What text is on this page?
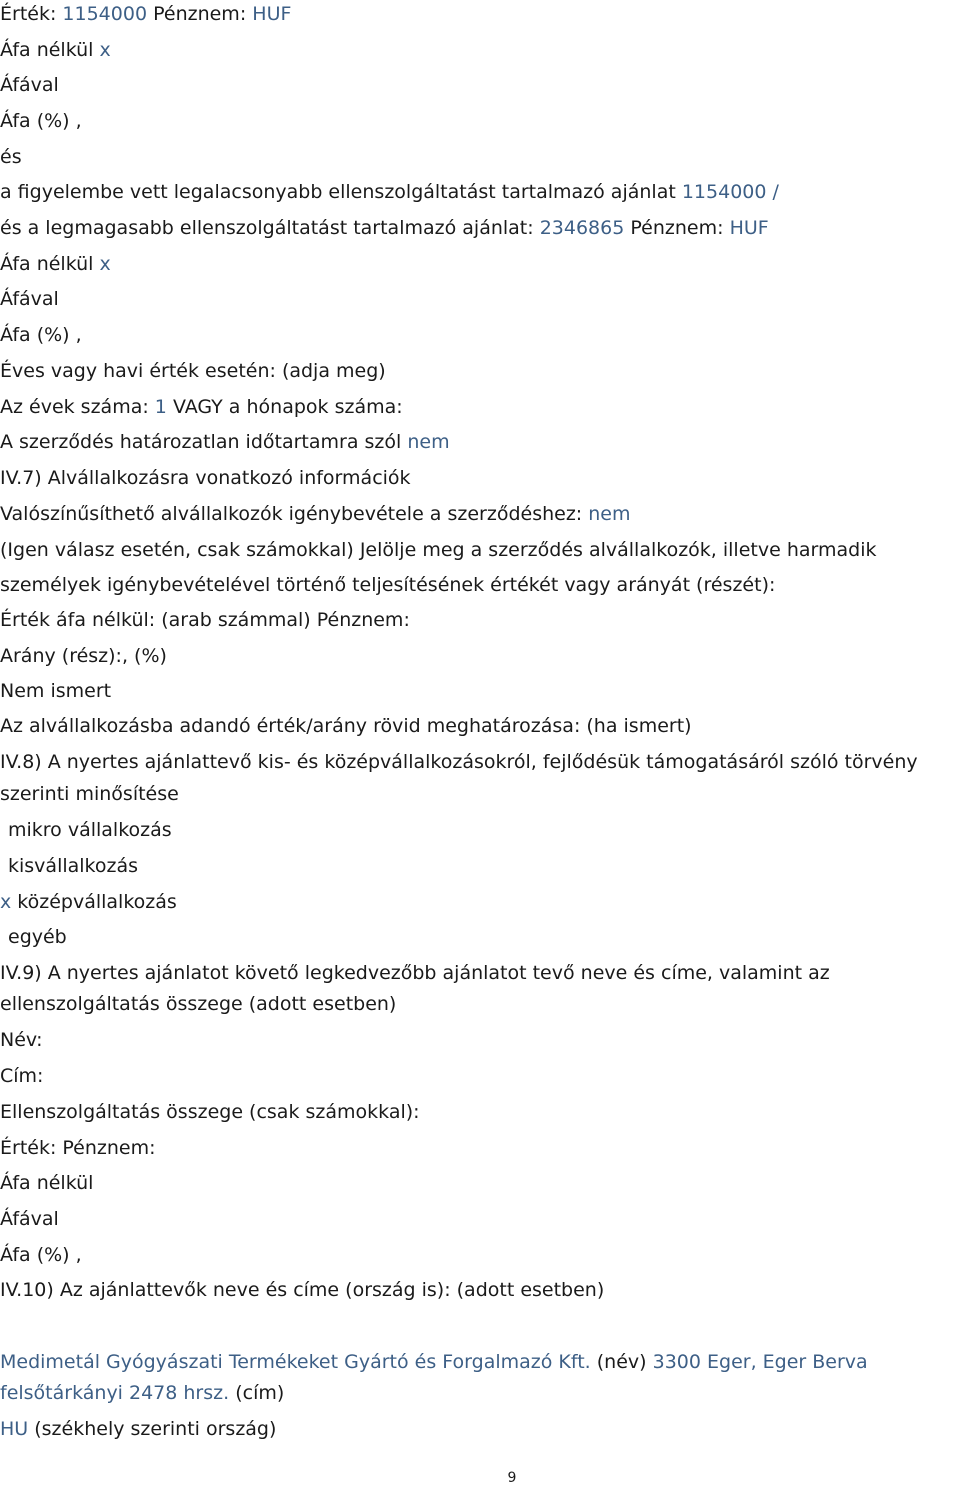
Érték: 1154000 Pénznem: HUF
Áfa nélkül x
Áfával
Áfa (%) ,
és
a figyelembe vett legalacsonyabb ellenszolgáltatást tartalmazó ajánlat 1154000 /
és a legmagasabb ellenszolgáltatást tartalmazó ajánlat: 2346865 Pénznem: HUF
Áfa nélkül x
Áfával
Áfa (%) ,
Éves vagy havi érték esetén: (adja meg)
Az évek száma: 1 VAGY a hónapok száma:
A szerződés határozatlan időtartamra szól nem
IV.7) Alvállalkozásra vonatkozó információk
Valószínűsíthető alvállalkozók igénybevétele a szerződéshez: nem
(Igen válasz esetén, csak számokkal) Jelölje meg a szerződés alvállalkozók, illetve harmadik
személyek igénybevételével történő teljesítésének értékét vagy arányát (részét):
Érték áfa nélkül: (arab számmal) Pénznem:
Arány (rész):, (%)
Nem ismert
Az alvállalkozásba adandó érték/arány rövid meghatározása: (ha ismert)
IV.8) A nyertes ajánlattevő kis- és középvállalkozásokról, fejlődésük támogatásáról szóló törvény
szerinti minősítése
mikro vállalkozás
kisvállalkozás
x középvállalkozás
egyéb
IV.9) A nyertes ajánlatot követő legkedvezőbb ajánlatot tevő neve és címe, valamint az
ellenszolgáltatás összege (adott esetben)
Név:
Cím:
Ellenszolgáltatás összege (csak számokkal):
Érték: Pénznem:
Áfa nélkül
Áfával
Áfa (%) ,
IV.10) Az ajánlattevők neve és címe (ország is): (adott esetben)
Medimetál Gyógyászati Termékeket Gyártó és Forgalmazó Kft. (név) 3300 Eger, Eger Berva
felsőtárkányi 2478 hrsz. (cím)
HU (székhely szerinti ország)
9
